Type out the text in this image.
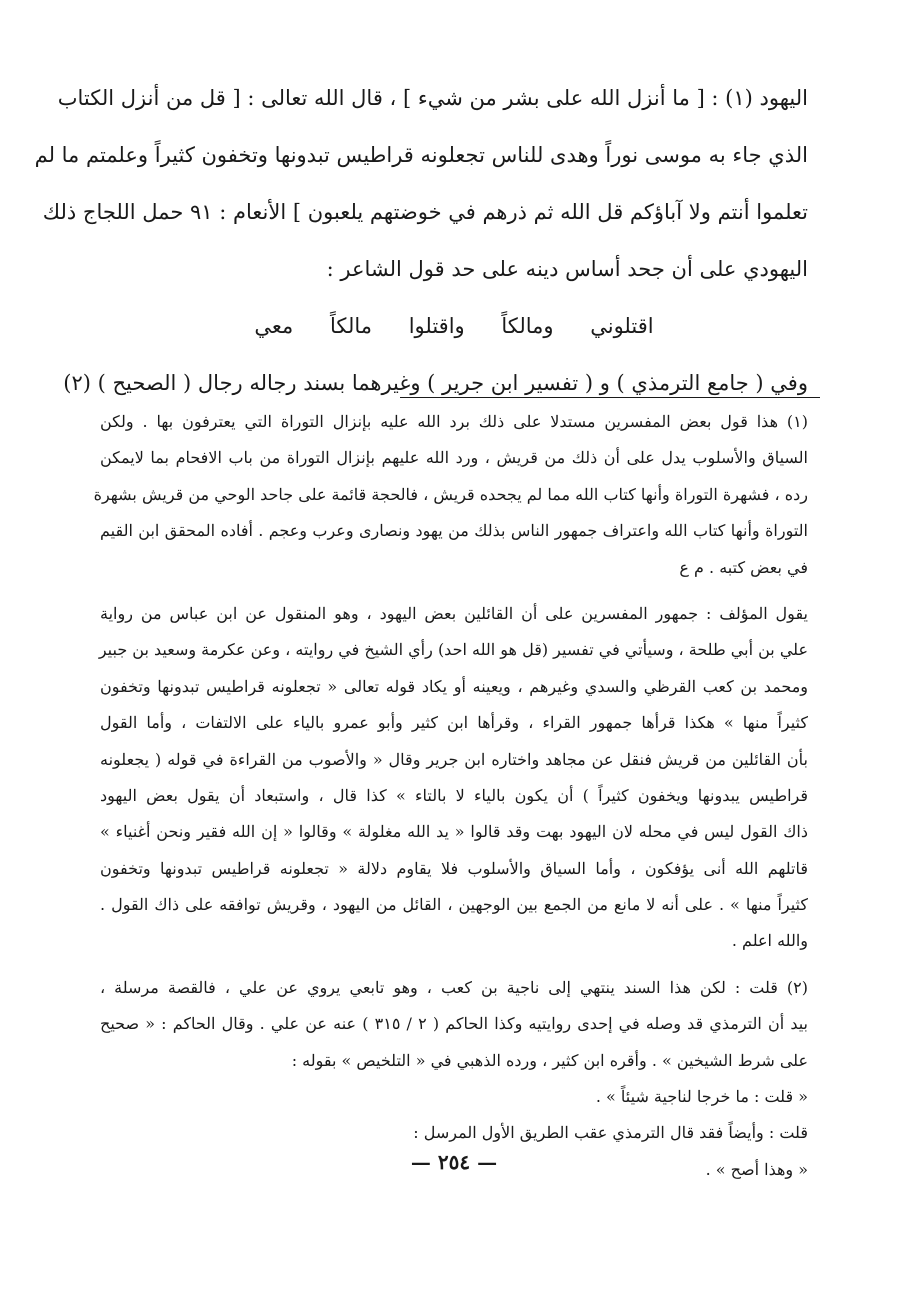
اليهود (١) : [ ما أنزل الله على بشر من شيء ] ، قال الله تعالى : [ قل من أنزل الكتاب
الذي جاء به موسى نوراً وهدى للناس تجعلونه قراطيس تبدونها وتخفون كثيراً وعلمتم ما لم
تعلموا أنتم ولا آباؤكم قل الله ثم ذرهم في خوضتهم يلعبون ] الأنعام : ٩١ حمل اللجاج ذلك
اليهودي على أن جحد أساس دينه على حد قول الشاعر :
اقتلوني ومالكاً واقتلوا مالكاً معي
وفي ( جامع الترمذي ) و ( تفسير ابن جرير ) وغيرهما بسند رجاله رجال ( الصحيح ) (٢)
(١) هذا قول بعض المفسرين مستدلا على ذلك برد الله عليه بإنزال التوراة التي يعترفون بها . ولكن
السياق والأسلوب يدل على أن ذلك من قريش ، ورد الله عليهم بإنزال التوراة من باب الافحام بما لايمكن
رده ، فشهرة التوراة وأنها كتاب الله مما لم يجحده قريش ، فالحجة قائمة على جاحد الوحي من قريش بشهرة
التوراة وأنها كتاب الله واعتراف جمهور الناس بذلك من يهود ونصارى وعرب وعجم . أفاده المحقق ابن القيم
في بعض كتبه . م ع
يقول المؤلف : جمهور المفسرين على أن القائلين بعض اليهود ، وهو المنقول عن ابن عباس من رواية
علي بن أبي طلحة ، وسيأتي في تفسير (قل هو الله احد) رأي الشيخ في روايته ، وعن عكرمة وسعيد بن جبير
ومحمد بن كعب القرظي والسدي وغيرهم ، ويعينه أو يكاد قوله تعالى « تجعلونه قراطيس تبدونها وتخفون
كثيراً منها » هكذا قرأها جمهور القراء ، وقرأها ابن كثير وأبو عمرو بالياء على الالتفات ، وأما القول
بأن القائلين من قريش فنقل عن مجاهد واختاره ابن جرير وقال « والأصوب من القراءة في قوله ( يجعلونه
قراطيس يبدونها ويخفون كثيراً ) أن يكون بالياء لا بالتاء » كذا قال ، واستبعاد أن يقول بعض اليهود
ذاك القول ليس في محله لان اليهود بهت وقد قالوا « يد الله مغلولة » وقالوا « إن الله فقير ونحن أغنياء »
قاتلهم الله أنى يؤفكون ، وأما السياق والأسلوب فلا يقاوم دلالة « تجعلونه قراطيس تبدونها وتخفون
كثيراً منها » . على أنه لا مانع من الجمع بين الوجهين ، القائل من اليهود ، وقريش توافقه على ذاك القول .
والله اعلم .
(٢) قلت : لكن هذا السند ينتهي إلى ناجية بن كعب ، وهو تابعي يروي عن علي ، فالقصة مرسلة ،
بيد أن الترمذي قد وصله في إحدى روايتيه وكذا الحاكم ( ٢ / ٣١٥ ) عنه عن علي . وقال الحاكم : « صحيح
على شرط الشيخين » . وأقره ابن كثير ، ورده الذهبي في « التلخيص » بقوله :
« قلت : ما خرجا لناجية شيئاً » .
قلت : وأيضاً فقد قال الترمذي عقب الطريق الأول المرسل :
« وهذا أصح » .
— ٢٥٤ —
